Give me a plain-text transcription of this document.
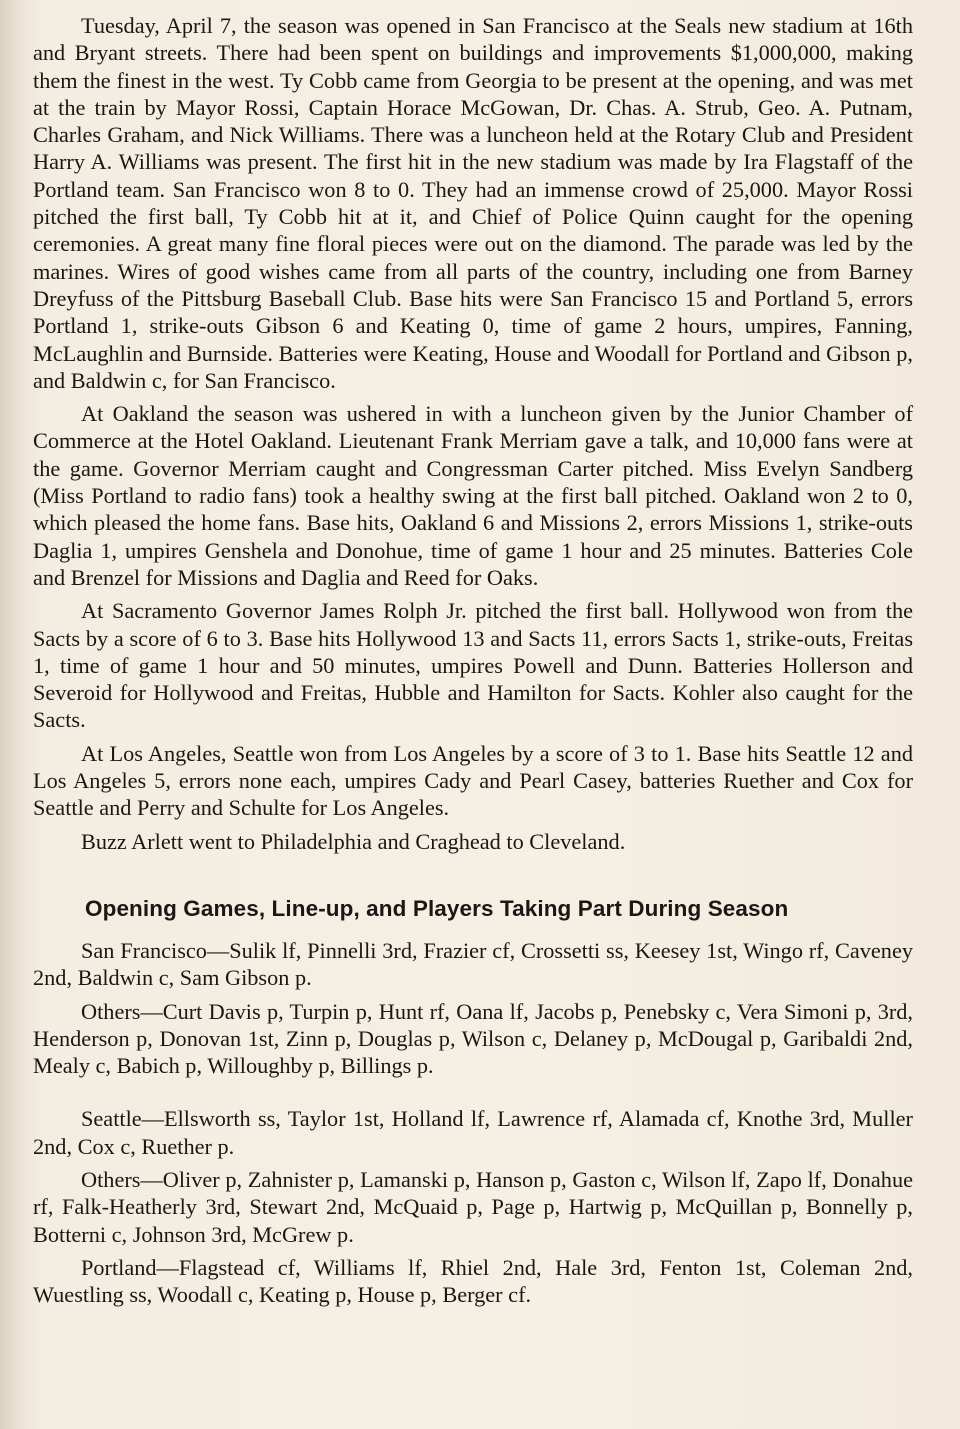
Tuesday, April 7, the season was opened in San Francisco at the Seals new stadium at 16th and Bryant streets. There had been spent on buildings and improvements $1,000,000, making them the finest in the west. Ty Cobb came from Georgia to be present at the opening, and was met at the train by Mayor Rossi, Captain Horace McGowan, Dr. Chas. A. Strub, Geo. A. Putnam, Charles Graham, and Nick Williams. There was a luncheon held at the Rotary Club and President Harry A. Williams was present. The first hit in the new stadium was made by Ira Flagstaff of the Portland team. San Francisco won 8 to 0. They had an immense crowd of 25,000. Mayor Rossi pitched the first ball, Ty Cobb hit at it, and Chief of Police Quinn caught for the opening ceremonies. A great many fine floral pieces were out on the diamond. The parade was led by the marines. Wires of good wishes came from all parts of the country, including one from Barney Dreyfuss of the Pittsburg Baseball Club. Base hits were San Francisco 15 and Portland 5, errors Portland 1, strike-outs Gibson 6 and Keating 0, time of game 2 hours, umpires, Fanning, McLaughlin and Burnside. Batteries were Keating, House and Woodall for Portland and Gibson p, and Baldwin c, for San Francisco.

At Oakland the season was ushered in with a luncheon given by the Junior Chamber of Commerce at the Hotel Oakland. Lieutenant Frank Merriam gave a talk, and 10,000 fans were at the game. Governor Merriam caught and Congressman Carter pitched. Miss Evelyn Sandberg (Miss Portland to radio fans) took a healthy swing at the first ball pitched. Oakland won 2 to 0, which pleased the home fans. Base hits, Oakland 6 and Missions 2, errors Missions 1, strike-outs Daglia 1, umpires Genshela and Donohue, time of game 1 hour and 25 minutes. Batteries Cole and Brenzel for Missions and Daglia and Reed for Oaks.

At Sacramento Governor James Rolph Jr. pitched the first ball. Hollywood won from the Sacts by a score of 6 to 3. Base hits Hollywood 13 and Sacts 11, errors Sacts 1, strike-outs, Freitas 1, time of game 1 hour and 50 minutes, umpires Powell and Dunn. Batteries Hollerson and Severoid for Hollywood and Freitas, Hubble and Hamilton for Sacts. Kohler also caught for the Sacts.

At Los Angeles, Seattle won from Los Angeles by a score of 3 to 1. Base hits Seattle 12 and Los Angeles 5, errors none each, umpires Cady and Pearl Casey, batteries Ruether and Cox for Seattle and Perry and Schulte for Los Angeles.

Buzz Arlett went to Philadelphia and Craghead to Cleveland.

Opening Games, Line-up, and Players Taking Part During Season

San Francisco—Sulik lf, Pinnelli 3rd, Frazier cf, Crossetti ss, Keesey 1st, Wingo rf, Caveney 2nd, Baldwin c, Sam Gibson p.

Others—Curt Davis p, Turpin p, Hunt rf, Oana lf, Jacobs p, Penebsky c, Vera Simoni p, 3rd, Henderson p, Donovan 1st, Zinn p, Douglas p, Wilson c, Delaney p, McDougal p, Garibaldi 2nd, Mealy c, Babich p, Willoughby p, Billings p.

Seattle—Ellsworth ss, Taylor 1st, Holland lf, Lawrence rf, Alamada cf, Knothe 3rd, Muller 2nd, Cox c, Ruether p.

Others—Oliver p, Zahnister p, Lamanski p, Hanson p, Gaston c, Wilson lf, Zapo lf, Donahue rf, Falk-Heatherly 3rd, Stewart 2nd, McQuaid p, Page p, Hartwig p, McQuillan p, Bonnelly p, Botterni c, Johnson 3rd, McGrew p.

Portland—Flagstead cf, Williams lf, Rhiel 2nd, Hale 3rd, Fenton 1st, Coleman 2nd, Wuestling ss, Woodall c, Keating p, House p, Berger cf.
